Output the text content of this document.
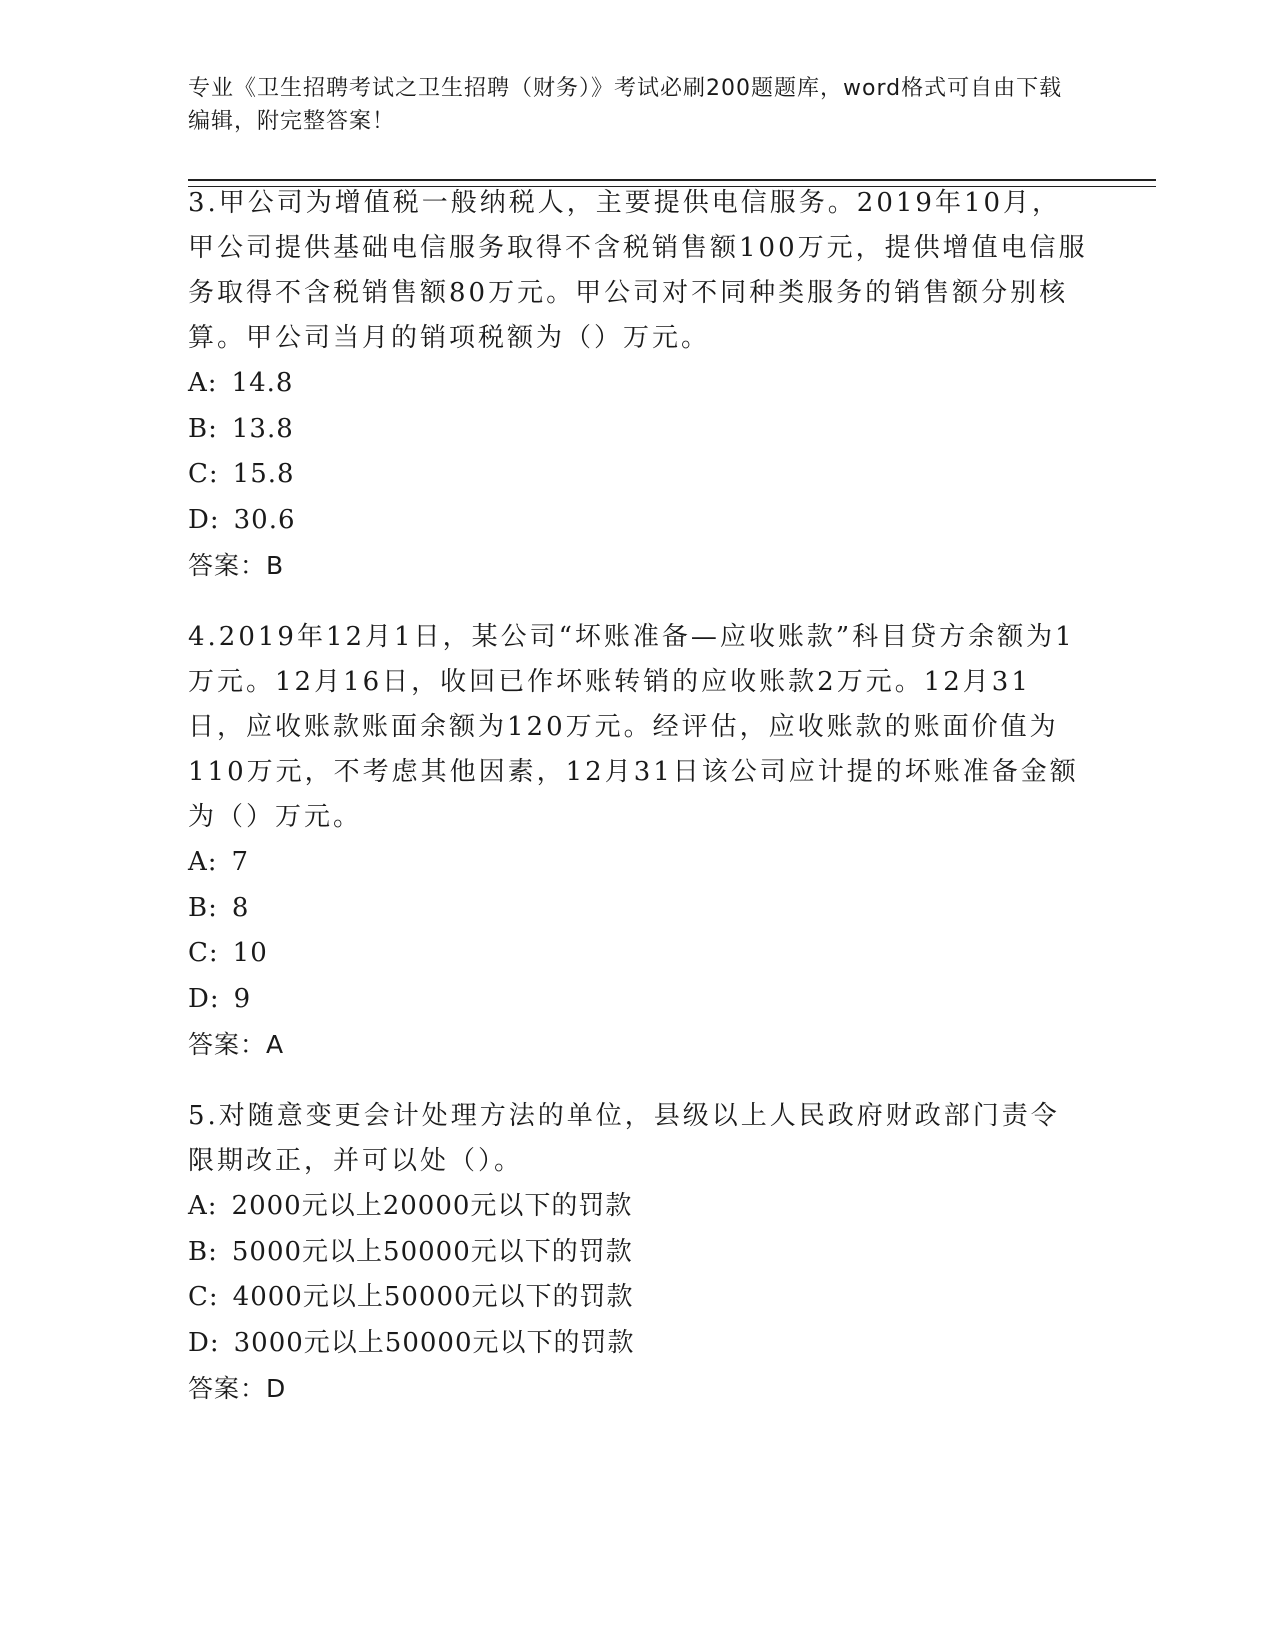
专业《卫生招聘考试之卫生招聘（财务）》考试必刷200题题库，word格式可自由下载编辑，附完整答案！

3.甲公司为增值税一般纳税人，主要提供电信服务。2019年10月，甲公司提供基础电信服务取得不含税销售额100万元，提供增值电信服务取得不含税销售额80万元。甲公司对不同种类服务的销售额分别核算。甲公司当月的销项税额为（）万元。

A: 14.8
B: 13.8
C: 15.8
D: 30.6
答案：B

4.2019年12月1日，某公司“坏账准备—应收账款”科目贷方余额为1万元。12月16日，收回已作坏账转销的应收账款2万元。12月31日，应收账款账面余额为120万元。经评估，应收账款的账面价值为110万元，不考虑其他因素，12月31日该公司应计提的坏账准备金额为（）万元。

A: 7
B: 8
C: 10
D: 9
答案：A

5.对随意变更会计处理方法的单位，县级以上人民政府财政部门责令限期改正，并可以处（）。

A: 2000元以上20000元以下的罚款
B: 5000元以上50000元以下的罚款
C: 4000元以上50000元以下的罚款
D: 3000元以上50000元以下的罚款
答案：D
